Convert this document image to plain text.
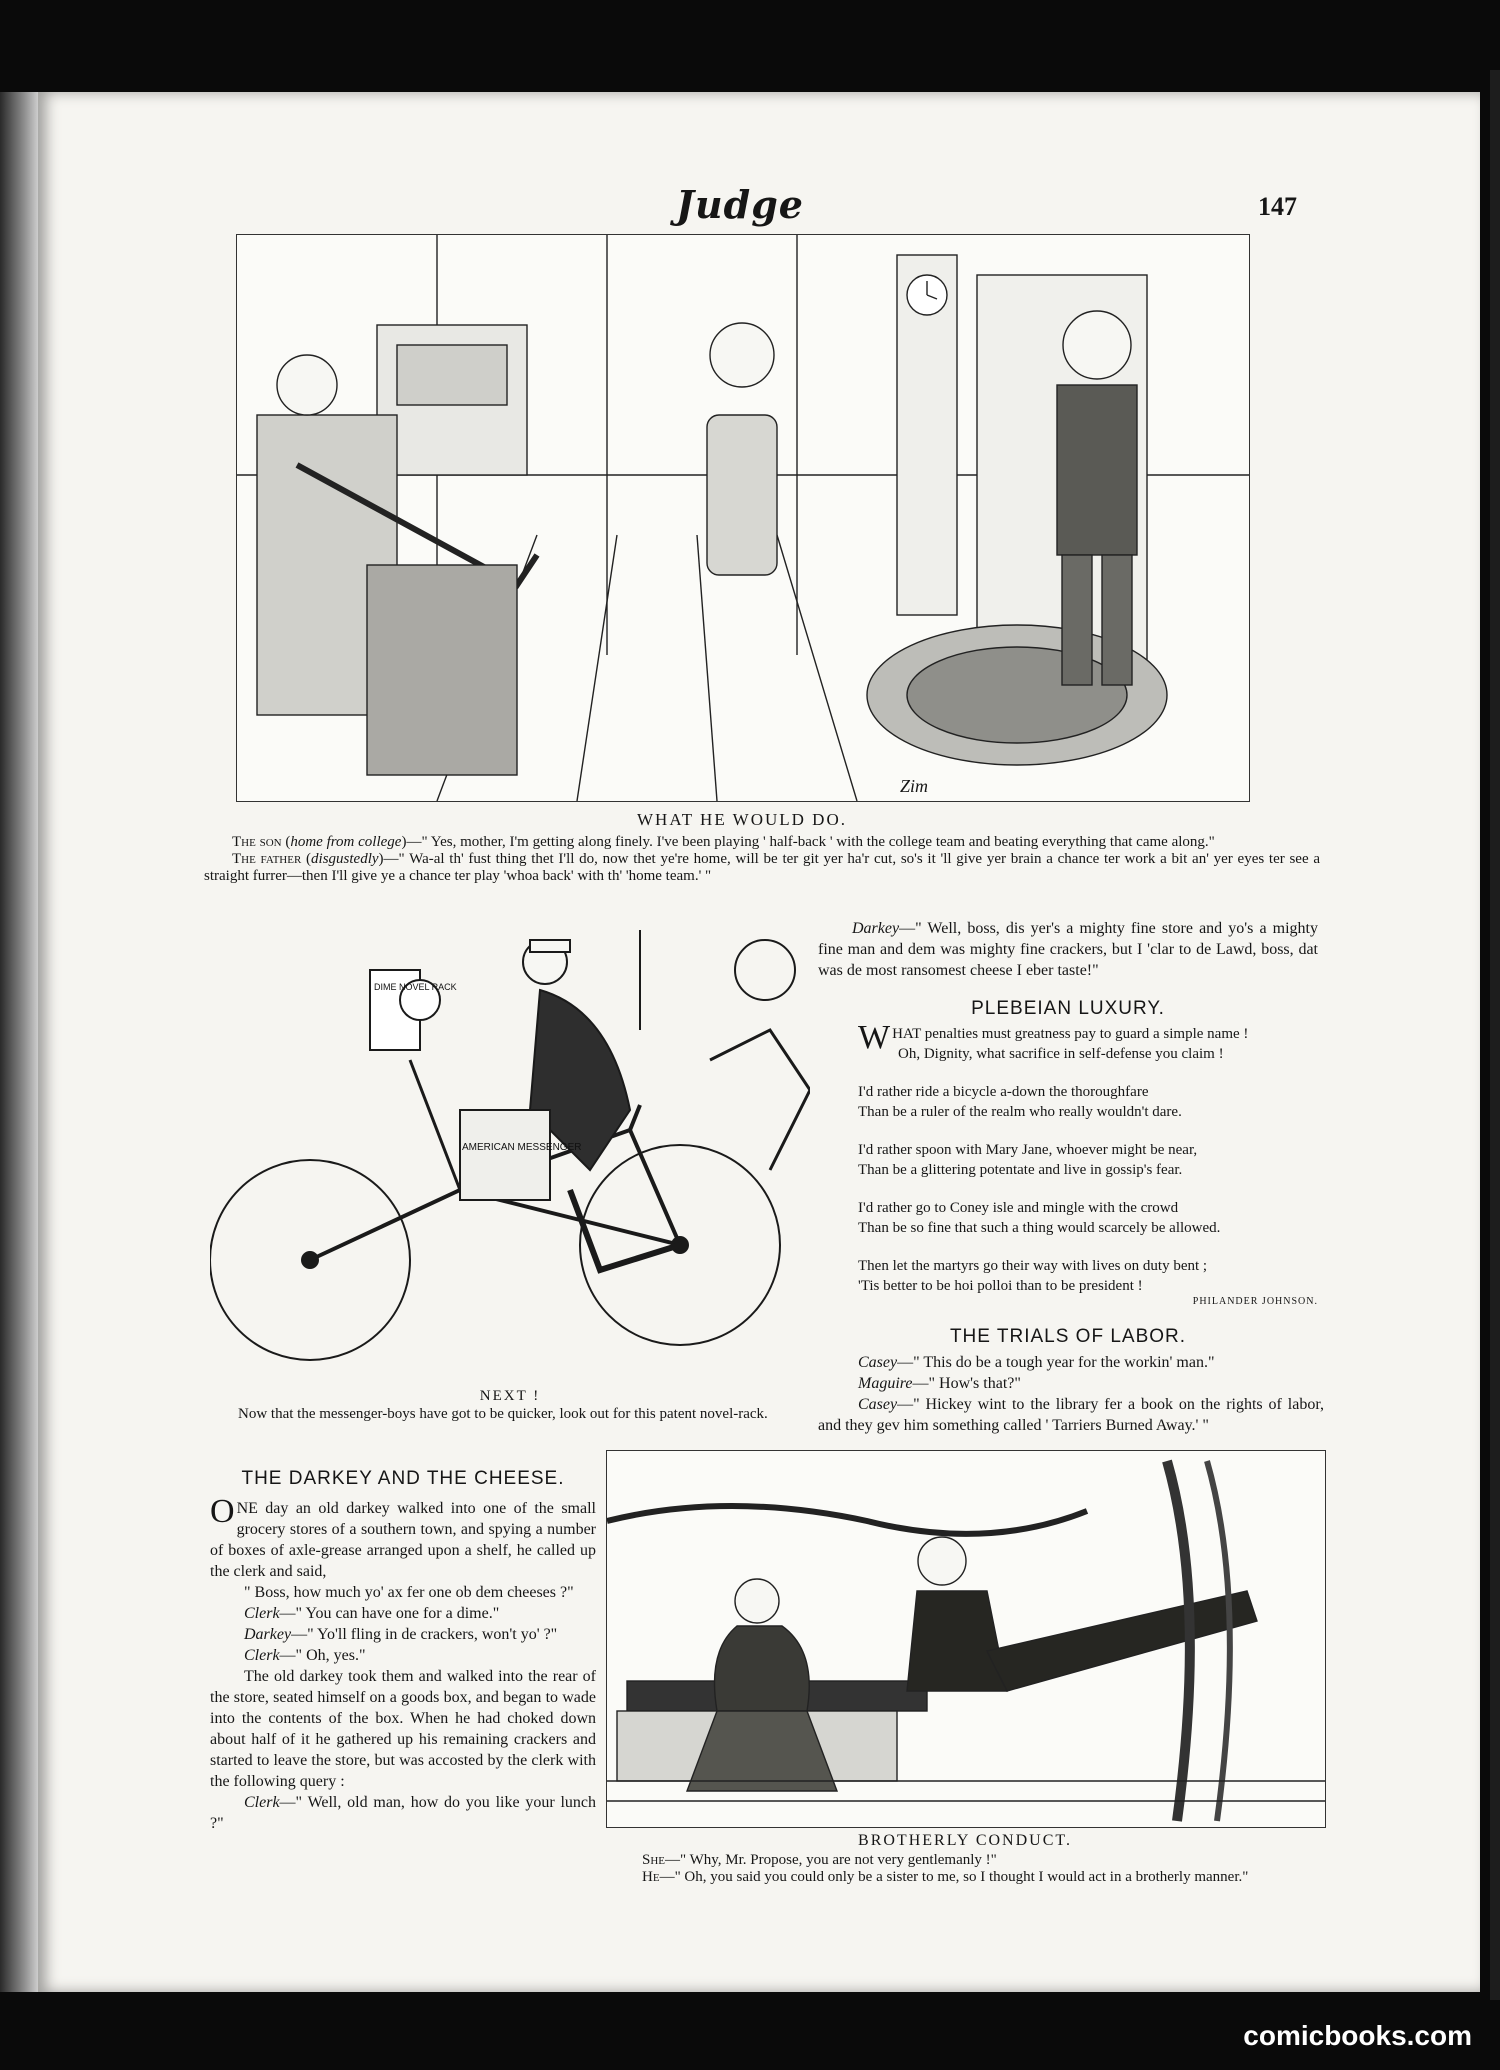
Judge	147
Zim
WHAT HE WOULD DO.

The son (home from college)—" Yes, mother, I'm getting along finely. I've been playing ' half-back ' with the college team and beating everything that came along."

The father (disgustedly)—" Wa-al th' fust thing thet I'll do, now thet ye're home, will be ter git yer ha'r cut, so's it 'll give yer brain a chance ter work a bit an' yer eyes ter see a straight furrer—then I'll give ye a chance ter play 'whoa back' with th' 'home team.' "

DIME NOVEL RACK
AMERICAN MESSENGER
NEXT !
Now that the messenger-boys have got to be quicker, look out for this patent novel-rack.
Darkey—" Well, boss, dis yer's a mighty fine store and yo's a mighty fine man and dem was mighty fine crackers, but I 'clar to de Lawd, boss, dat was de most ransomest cheese I eber taste!"
PLEBEIAN LUXURY.
WHAT penalties must greatness pay to guard a simple name !
Oh, Dignity, what sacrifice in self-defense you claim !
I'd rather ride a bicycle a-down the thoroughfare
Than be a ruler of the realm who really wouldn't dare.
I'd rather spoon with Mary Jane, whoever might be near,
Than be a glittering potentate and live in gossip's fear.
I'd rather go to Coney isle and mingle with the crowd
Than be so fine that such a thing would scarcely be allowed.
Then let the martyrs go their way with lives on duty bent ;
'Tis better to be hoi polloi than to be president !
PHILANDER JOHNSON.
THE TRIALS OF LABOR.

Casey—" This do be a tough year for the workin' man."

Maguire—" How's that?"

Casey—" Hickey wint to the library fer a book on the rights of labor, and they gev him something called ' Tarriers Burned Away.' "

THE DARKEY AND THE CHEESE.

ONE day an old darkey walked into one of the small grocery stores of a southern town, and spying a number of boxes of axle-grease arranged upon a shelf, he called up the clerk and said,

" Boss, how much yo' ax fer one ob dem cheeses ?"

Clerk—" You can have one for a dime."

Darkey—" Yo'll fling in de crackers, won't yo' ?"

Clerk—" Oh, yes."

The old darkey took them and walked into the rear of the store, seated himself on a goods box, and began to wade into the contents of the box. When he had choked down about half of it he gathered up his remaining crackers and started to leave the store, but was accosted by the clerk with the following query :

Clerk—" Well, old man, how do you like your lunch ?"

BROTHERLY CONDUCT.

She—" Why, Mr. Propose, you are not very gentlemanly !"

He—" Oh, you said you could only be a sister to me, so I thought I would act in a brotherly manner."

comicbooks.com
